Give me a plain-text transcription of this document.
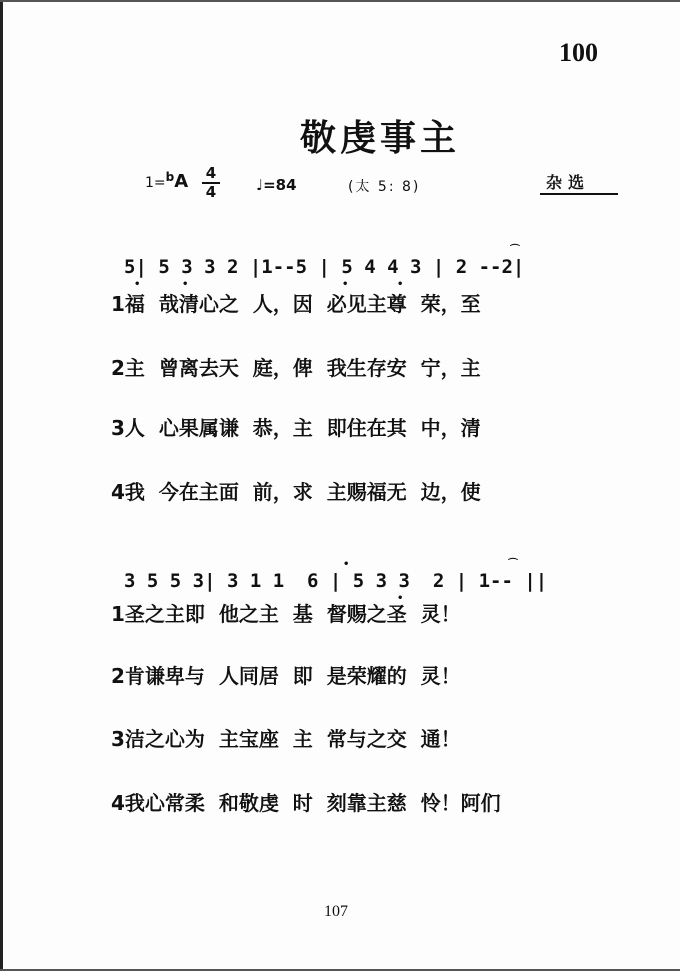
100
敬虔事主
1=bA 4
4	♩=84	(太 5: 8)	杂选
5| 5 3 3 2 |1--5 | 5 4 4 3 | 2 --2|
•	•	•	•
⌒
1福  哉清心之  人，因  必见主尊  荣，至
2主  曾离去天  庭，俾  我生存安  宁，主
3人  心果属谦  恭，主  即住在其  中，清
4我  今在主面  前，求  主赐福无  边，使
3 5 5 3| 3 1 1  6 | 5 3 3  2 | 1-- ||
•
•
⌒
1圣之主即  他之主  基  督赐之圣  灵！
2肯谦卑与  人同居  即  是荣耀的  灵！
3洁之心为  主宝座  主  常与之交  通！
4我心常柔  和敬虔  时  刻靠主慈  怜！阿们
107
